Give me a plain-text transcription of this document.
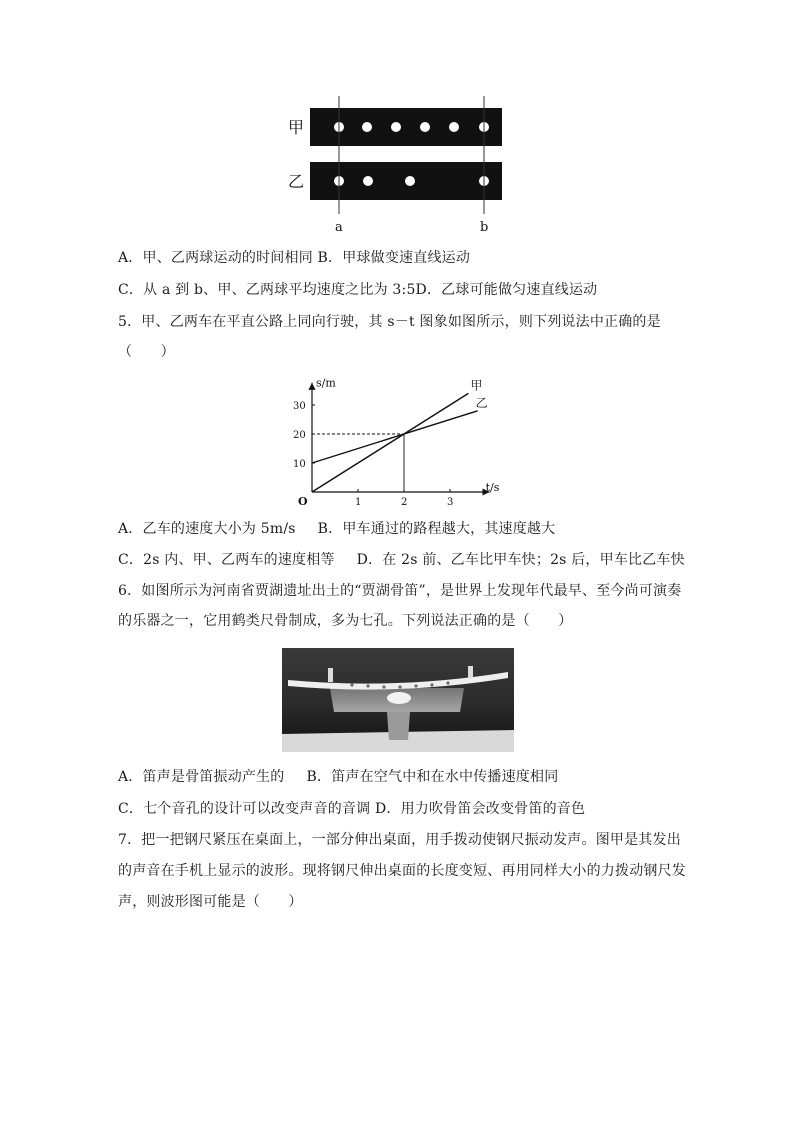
甲
乙
a	b
A．甲、乙两球运动的时间相同 B．甲球做变速直线运动
C．从 a 到 b、甲、乙两球平均速度之比为 3:5D．乙球可能做匀速直线运动
5．甲、乙两车在平直公路上同向行驶，其 s－t 图象如图所示，则下列说法中正确的是
（　　）
1	2	3
10
20
30
O
s/m
t/s
甲
乙
A．乙车的速度大小为 5m/s B．甲车通过的路程越大，其速度越大
C．2s 内、甲、乙两车的速度相等 D．在 2s 前、乙车比甲车快；2s 后，甲车比乙车快
6．如图所示为河南省贾湖遗址出土的“贾湖骨笛”，是世界上发现年代最早、至今尚可演奏
的乐器之一，它用鹤类尺骨制成，多为七孔。下列说法正确的是（　　）
A．笛声是骨笛振动产生的 B．笛声在空气中和在水中传播速度相同
C．七个音孔的设计可以改变声音的音调 D．用力吹骨笛会改变骨笛的音色
7．把一把钢尺紧压在桌面上，一部分伸出桌面，用手拨动使钢尺振动发声。图甲是其发出
的声音在手机上显示的波形。现将钢尺伸出桌面的长度变短、再用同样大小的力拨动钢尺发
声，则波形图可能是（　　）
